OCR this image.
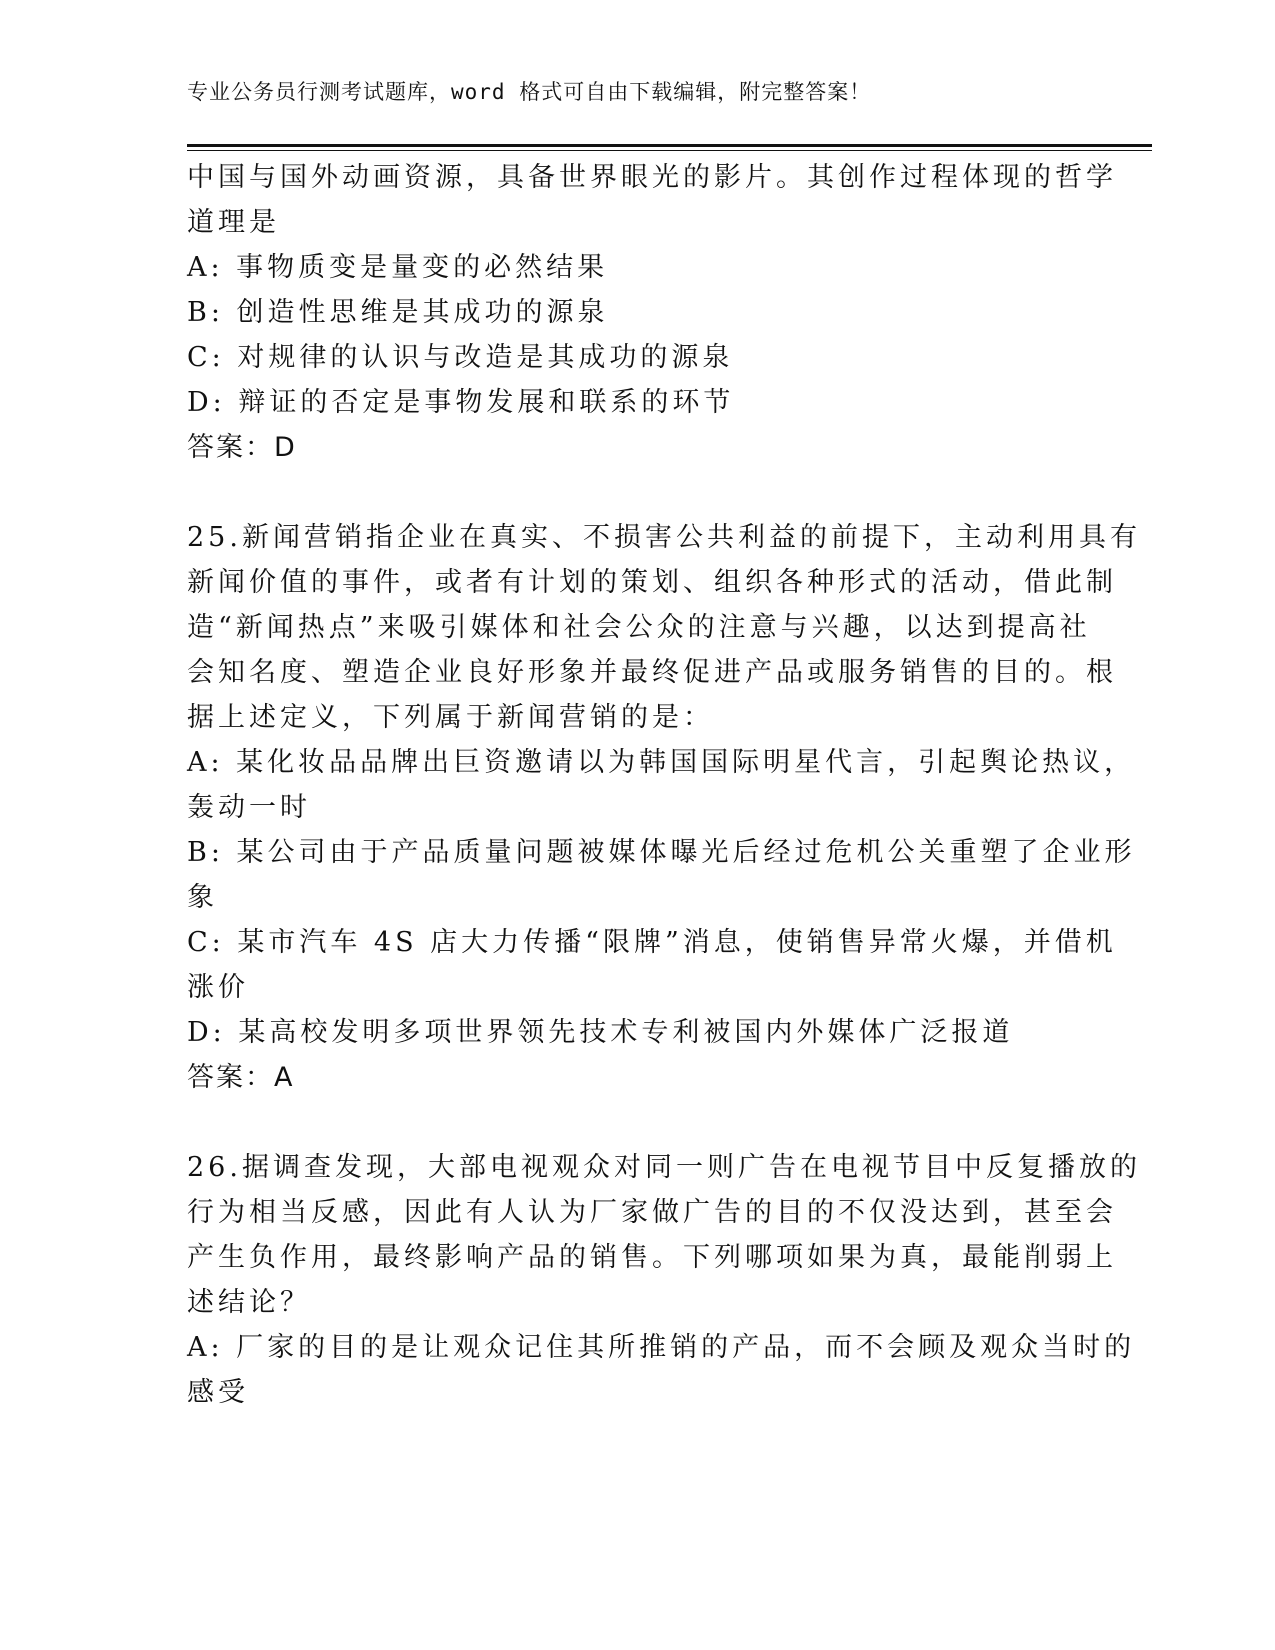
专业公务员行测考试题库，word 格式可自由下载编辑，附完整答案！
中国与国外动画资源，具备世界眼光的影片。其创作过程体现的哲学
道理是
A: 事物质变是量变的必然结果
B: 创造性思维是其成功的源泉
C: 对规律的认识与改造是其成功的源泉
D: 辩证的否定是事物发展和联系的环节
答案：D
25.新闻营销指企业在真实、不损害公共利益的前提下，主动利用具有
新闻价值的事件，或者有计划的策划、组织各种形式的活动，借此制
造“新闻热点”来吸引媒体和社会公众的注意与兴趣，以达到提高社
会知名度、塑造企业良好形象并最终促进产品或服务销售的目的。根
据上述定义，下列属于新闻营销的是：
A: 某化妆品品牌出巨资邀请以为韩国国际明星代言，引起舆论热议，
轰动一时
B: 某公司由于产品质量问题被媒体曝光后经过危机公关重塑了企业形
象
C: 某市汽车 4S 店大力传播“限牌”消息，使销售异常火爆，并借机
涨价
D: 某高校发明多项世界领先技术专利被国内外媒体广泛报道
答案：A
26.据调查发现，大部电视观众对同一则广告在电视节目中反复播放的
行为相当反感，因此有人认为厂家做广告的目的不仅没达到，甚至会
产生负作用，最终影响产品的销售。下列哪项如果为真，最能削弱上
述结论？
A: 厂家的目的是让观众记住其所推销的产品，而不会顾及观众当时的
感受
